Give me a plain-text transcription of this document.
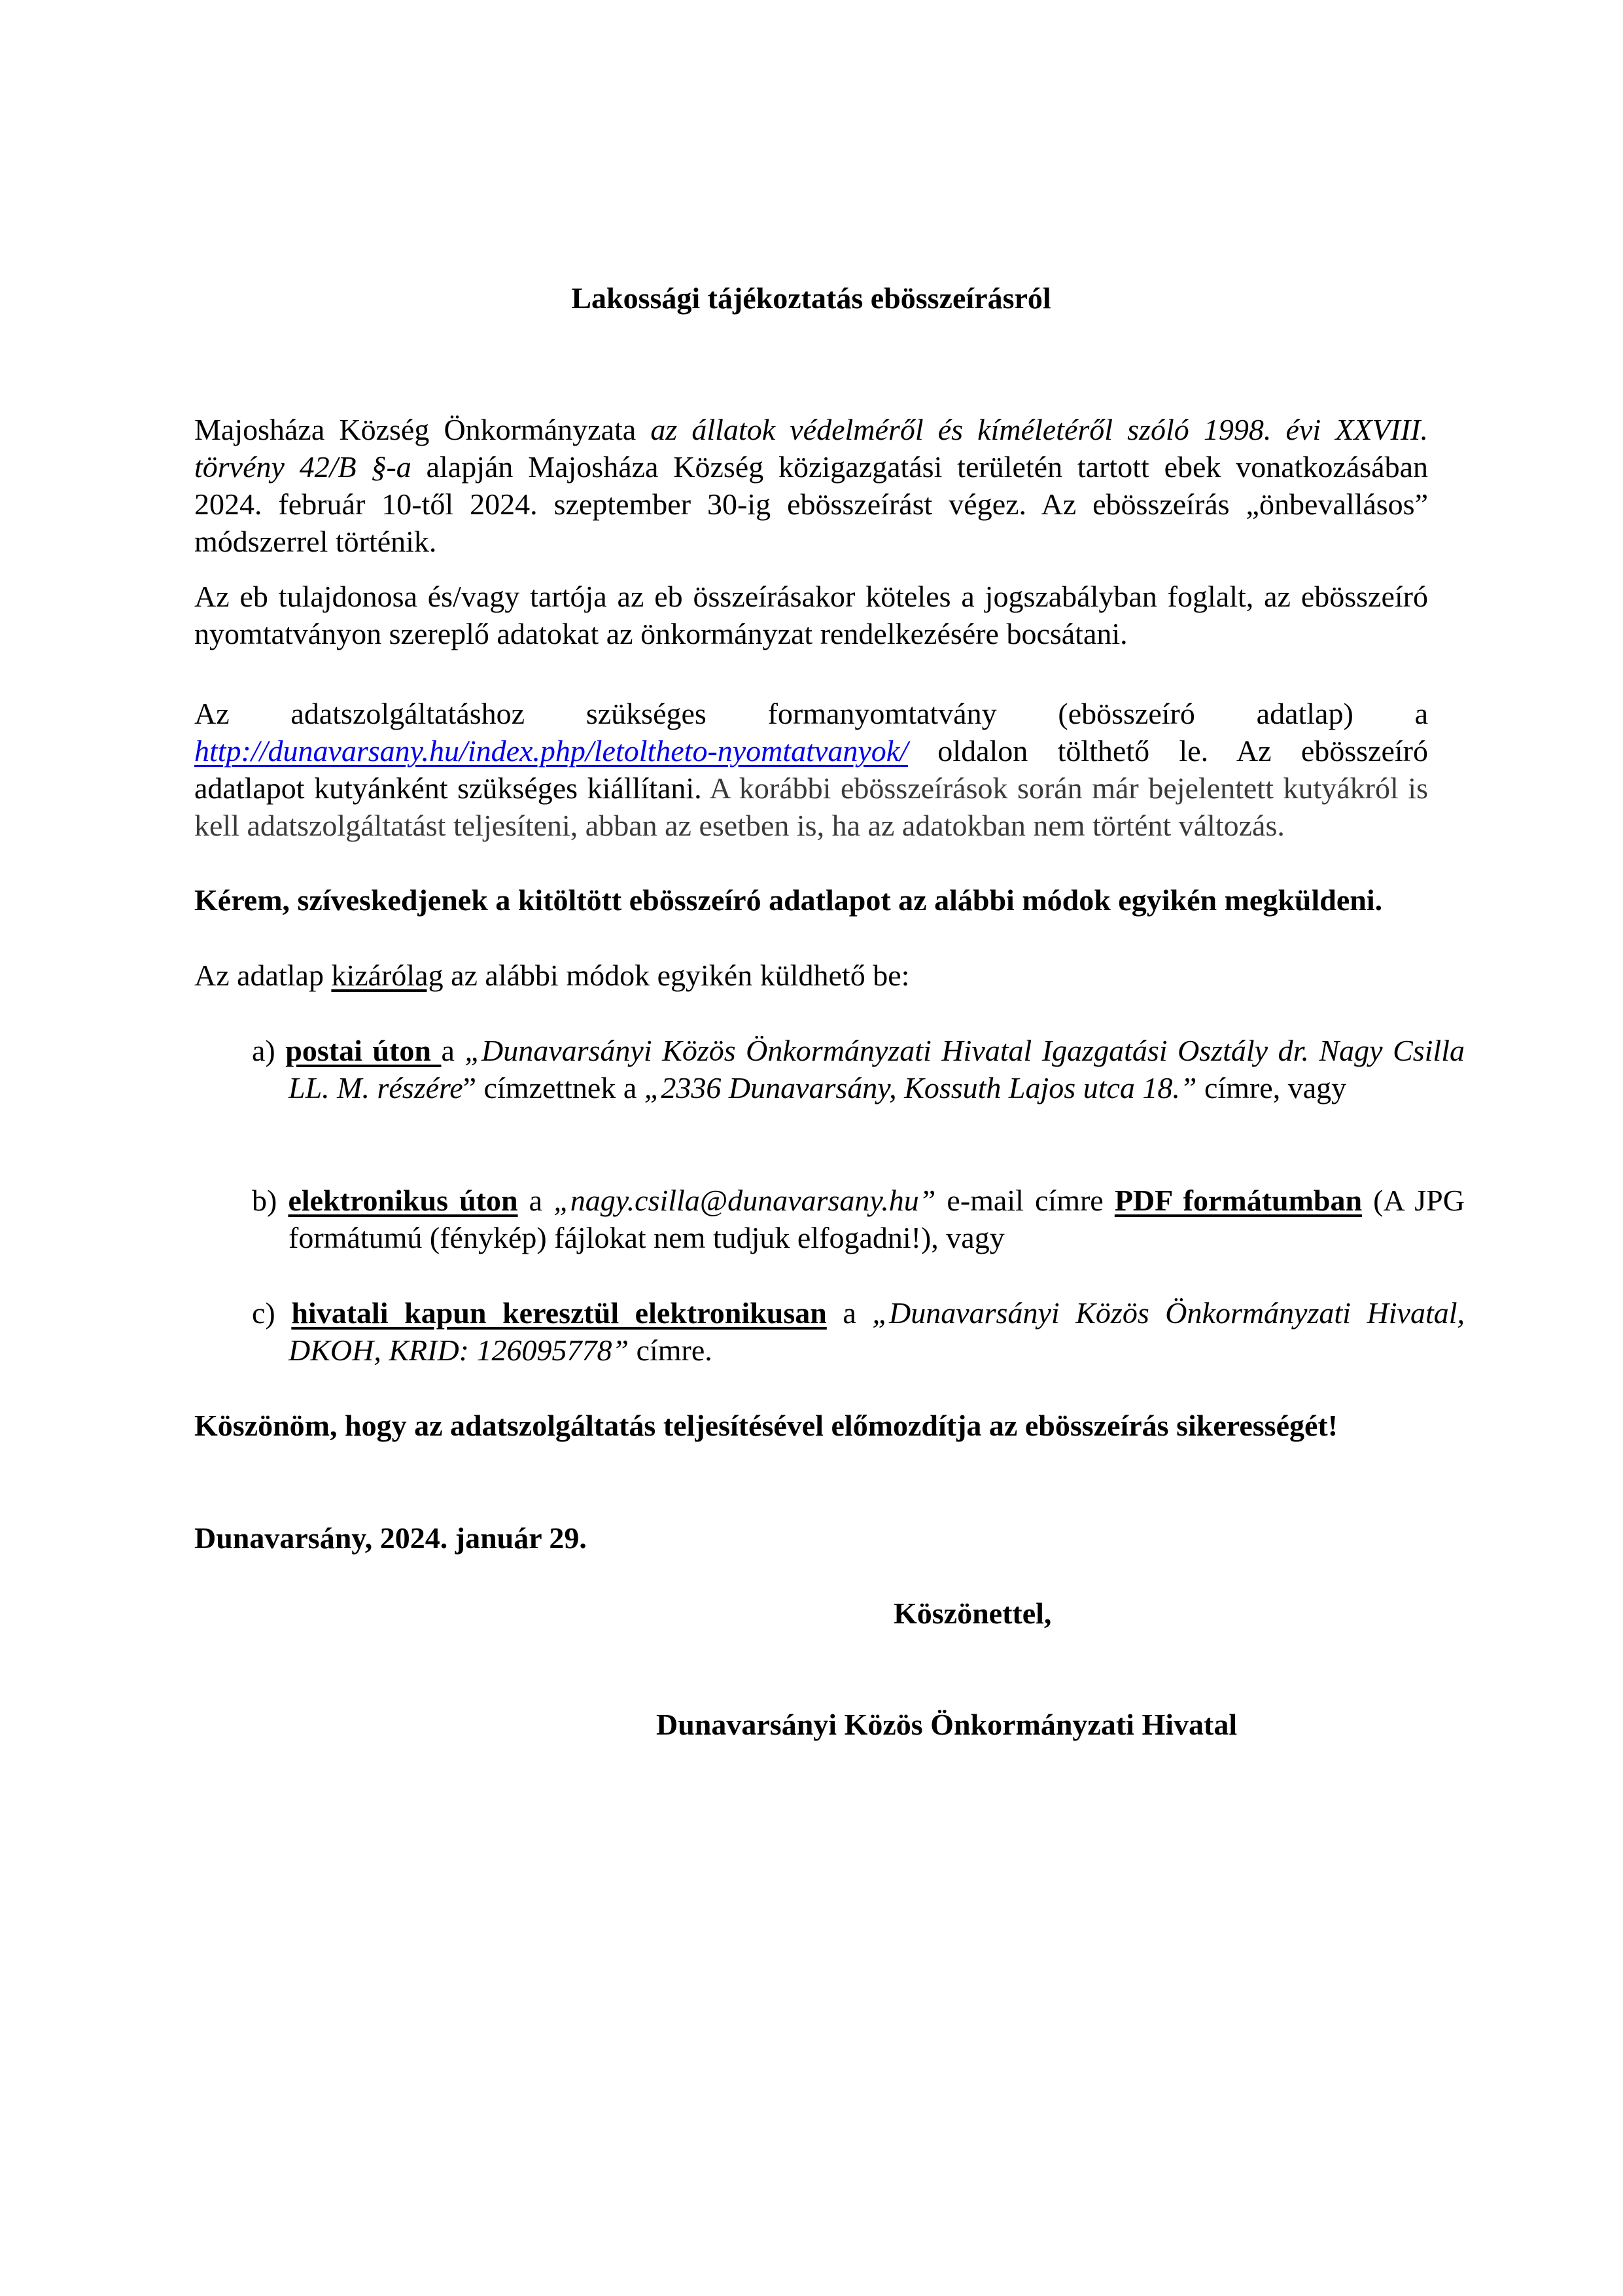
Lakossági tájékoztatás ebösszeírásról
Majosháza Község Önkormányzata az állatok védelméről és kíméletéről szóló 1998. évi XXVIII. törvény 42/B §-a alapján Majosháza Község közigazgatási területén tartott ebek vonatkozásában 2024. február 10-től 2024. szeptember 30-ig ebösszeírást végez. Az ebösszeírás „önbevallásos” módszerrel történik.
Az eb tulajdonosa és/vagy tartója az eb összeírásakor köteles a jogszabályban foglalt, az ebösszeíró nyomtatványon szereplő adatokat az önkormányzat rendelkezésére bocsátani.
Az adatszolgáltatáshoz szükséges formanyomtatvány (ebösszeíró adatlap) a http://dunavarsany.hu/index.php/letoltheto-nyomtatvanyok/ oldalon tölthető le. Az ebösszeíró adatlapot kutyánként szükséges kiállítani. A korábbi ebösszeírások során már bejelentett kutyákról is kell adatszolgáltatást teljesíteni, abban az esetben is, ha az adatokban nem történt változás.
Kérem, szíveskedjenek a kitöltött ebösszeíró adatlapot az alábbi módok egyikén megküldeni.
Az adatlap kizárólag az alábbi módok egyikén küldhető be:
a) postai úton a „Dunavarsányi Közös Önkormányzati Hivatal Igazgatási Osztály dr. Nagy Csilla LL. M. részére” címzettnek a „2336 Dunavarsány, Kossuth Lajos utca 18.” címre, vagy
b) elektronikus úton a „nagy.csilla@dunavarsany.hu” e-mail címre PDF formátumban (A JPG formátumú (fénykép) fájlokat nem tudjuk elfogadni!), vagy
c) hivatali kapun keresztül elektronikusan a „Dunavarsányi Közös Önkormányzati Hivatal, DKOH, KRID: 126095778” címre.
Köszönöm, hogy az adatszolgáltatás teljesítésével előmozdítja az ebösszeírás sikerességét!
Dunavarsány, 2024. január 29.
Köszönettel,
Dunavarsányi Közös Önkormányzati Hivatal
